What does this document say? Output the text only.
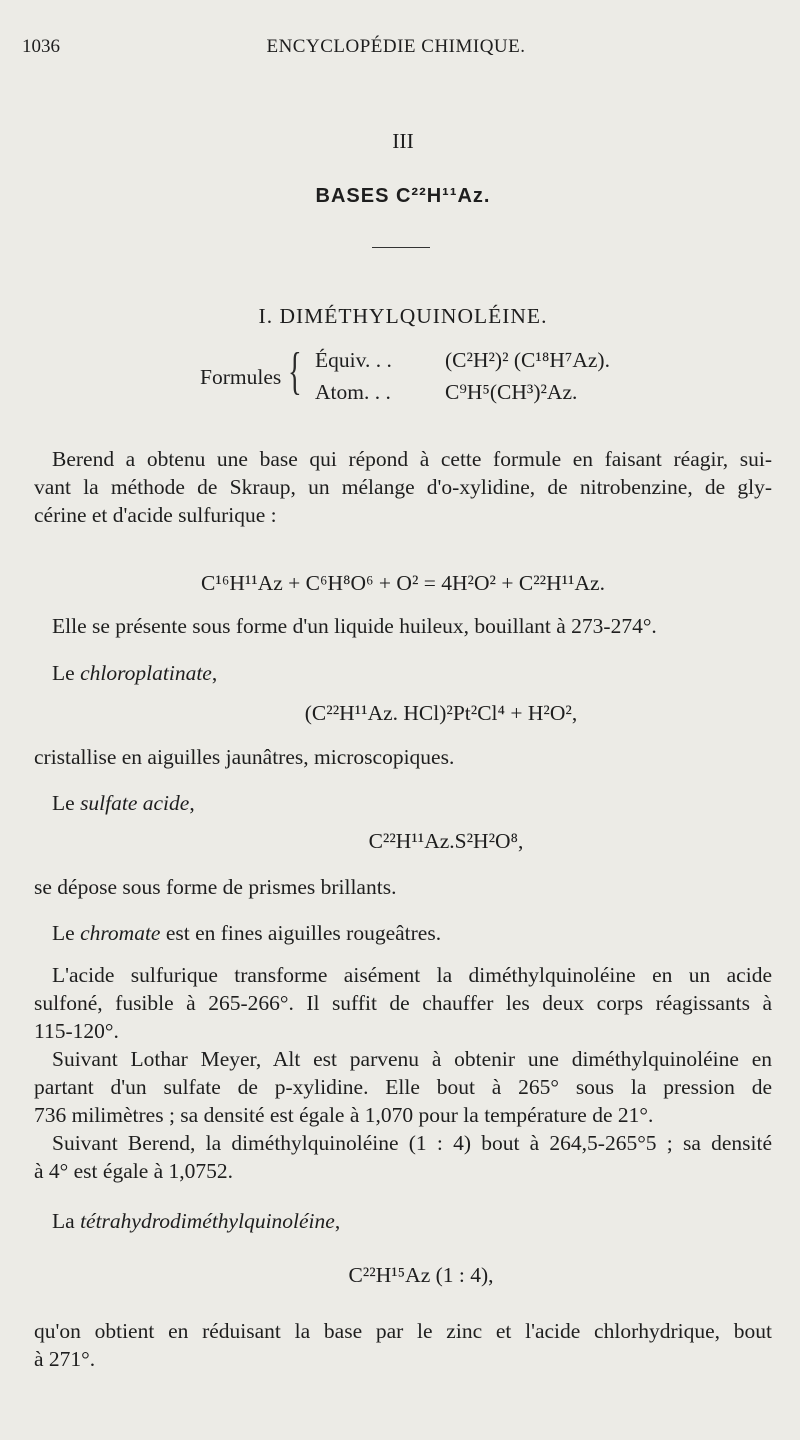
1036	ENCYCLOPÉDIE CHIMIQUE.
III
BASES C²²H¹¹Az.
I. DIMÉTHYLQUINOLÉINE.
Formules { Équiv. . . (C²H²)² (C¹⁸H⁷Az).
Atom. . .	C⁹H⁵(CH³)²Az.
Berend a obtenu une base qui répond à cette formule en faisant réagir, sui-
vant la méthode de Skraup, un mélange d'o-xylidine, de nitrobenzine, de gly-
cérine et d'acide sulfurique :
C¹⁶H¹¹Az + C⁶H⁸O⁶ + O² = 4H²O² + C²²H¹¹Az.
Elle se présente sous forme d'un liquide huileux, bouillant à 273-274°.
Le chloroplatinate,
(C²²H¹¹Az. HCl)²Pt²Cl⁴ + H²O²,
cristallise en aiguilles jaunâtres, microscopiques.
Le sulfate acide,
C²²H¹¹Az.S²H²O⁸,
se dépose sous forme de prismes brillants.
Le chromate est en fines aiguilles rougeâtres.
L'acide sulfurique transforme aisément la diméthylquinoléine en un acide
sulfoné, fusible à 265-266°. Il suffit de chauffer les deux corps réagissants à
115-120°.
Suivant Lothar Meyer, Alt est parvenu à obtenir une diméthylquinoléine en
partant d'un sulfate de p-xylidine. Elle bout à 265° sous la pression de
736 milimètres ; sa densité est égale à 1,070 pour la température de 21°.
Suivant Berend, la diméthylquinoléine (1 : 4) bout à 264,5-265°5 ; sa densité
à 4° est égale à 1,0752.
La tétrahydrodiméthylquinoléine,
C²²H¹⁵Az (1 : 4),
qu'on obtient en réduisant la base par le zinc et l'acide chlorhydrique, bout
à 271°.
